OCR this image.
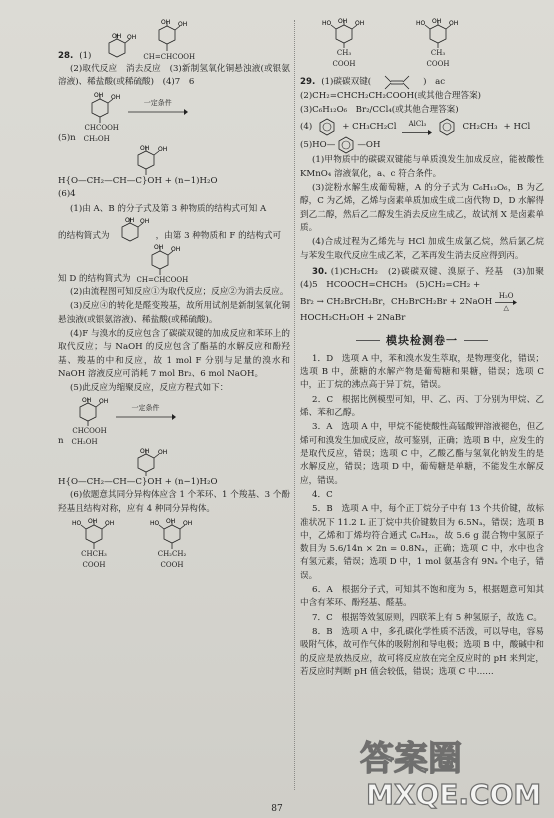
28. (1)
OH OH
OH OH
CH=CHCOOH

(2)取代反应　消去反应　(3)新制氢氧化铜悬浊液(或银氨溶液)、稀盐酸(或稀硫酸)　(4)7　6

(5)n
OH OH
CHCOOH
CH₂OH
一定条件
OH OH
H{O—CH₂—CH—C}OH + (n−1)H₂O

(6)4

(1)由 A、B 的分子式及第 3 种物质的结构式可知 A

的结构简式为
OH OH
，由第 3 种物质和 F 的结构式可
知 D 的结构简式为
OH OH
CH=CHCOOH

(2)由流程图可知反应①为取代反应；反应②为消去反应。

(3)反应④的转化是醛变羧基，故所用试剂是新制氢氧化铜悬浊液(或银氨溶液)、稀盐酸(或稀硫酸)。

(4)F 与溴水的反应包含了碳碳双键的加成反应和苯环上的取代反应；与 NaOH 的反应包含了酯基的水解反应和酚羟基、羧基的中和反应，故 1 mol F 分别与足量的溴水和 NaOH 溶液反应可消耗 7 mol Br₂、6 mol NaOH。

(5)此反应为缩聚反应，反应方程式如下：

n
OH OH
CHCOOH
CH₂OH
一定条件
OH OH
H{O—CH₂—CH—C}OH + (n−1)H₂O

(6)依题意其同分异构体应含 1 个苯环、1 个羧基、3 个酚羟基且结构对称，应有 4 种同分异构体。

OH
HO	OH
CHCH₃
COOH
OH
HO	OH
CH₂CH₂
COOH
OH
HO	OH
CH₃
COOH
OH
HO	OH
CH₃
COOH
29. (1)碳碳双键(	)　ac

(2)CH₂=CHCH₂CH₂COOH(或其他合理答案)

(3)C₆H₁₂O₆　Br₂/CCl₄(或其他合理答案)

(4)	+ CH₃CH₂Cl AlCl₃	CH₂CH₃ + HCl
(5)HO—	—OH

(1)甲物质中的碳碳双键能与单质溴发生加成反应，能被酸性 KMnO₄ 溶液氧化，a、c 符合条件。

(3)淀粉水解生成葡萄糖，A 的分子式为 C₆H₁₂O₆，B 为乙醇，C 为乙烯，乙烯与卤素单质加成生成二卤代物 D，D 水解得到乙二醇，然后乙二醇发生消去反应生成乙，故试剂 X 是卤素单质。

(4)合成过程为乙烯先与 HCl 加成生成氯乙烷，然后氯乙烷与苯发生取代反应生成乙苯，乙苯再发生消去反应得到丙。

30. (1)CH₂CH₂　(2)碳碳双键、溴原子、羟基　(3)加聚　(4)5　HCOOCH=CHCH₃　(5)CH₂=CH₂ +

Br₂ → CH₂BrCH₂Br，CH₂BrCH₂Br + 2NaOH
H₂O
△

HOCH₂CH₂OH + 2NaBr

模块检测卷一

1．D　选项 A 中，苯和溴水发生萃取，是物理变化，错误；选项 B 中，蔗糖的水解产物是葡萄糖和果糖，错误；选项 C 中，正丁烷的沸点高于异丁烷，错误。

2．C　根据比例模型可知，甲、乙、丙、丁分别为甲烷、乙烯、苯和乙醇。

3．A　选项 A 中，甲烷不能使酸性高锰酸钾溶液褪色，但乙烯可和溴发生加成反应，故可鉴别，正确；选项 B 中，应发生的是取代反应，错误；选项 C 中，乙酸乙酯与氢氧化钠发生的是水解反应，错误；选项 D 中，葡萄糖是单糖，不能发生水解反应，错误。

4．C

5．B　选项 A 中，每个正丁烷分子中有 13 个共价键，故标准状况下 11.2 L 正丁烷中共价键数目为 6.5Nₐ，错误；选项 B 中，乙烯和丁烯均符合通式 CₙH₂ₙ，故 5.6 g 混合物中氢原子数目为 5.6/14n × 2n = 0.8Nₐ，正确；选项 C 中，水中也含有氢元素，错误；选项 D 中，1 mol 氨基含有 9Nₐ 个电子，错误。

6．A　根据分子式，可知其不饱和度为 5，根据题意可知其中含有苯环、酚羟基、醛基。

7．C　根据等效氢原则，四联苯上有 5 种氢原子，故选 C。

8．B　选项 A 中，多孔碳化学性质不活泼，可以导电，容易吸附气体，故可作气体的吸附剂和导电极；选项 B 中，酸碱中和的反应是放热反应，故可将反应放在完全反应时的 pH 来判定，若反应时判断 pH 值会较低，错误；选项 C 中……

答案圈
MXQE.COM
87
